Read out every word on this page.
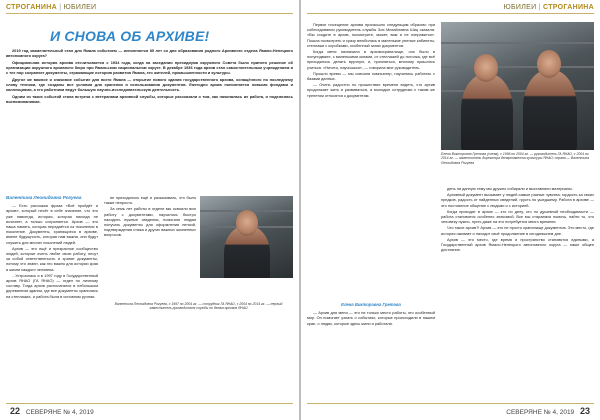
СТРОГАНИНА | ЮБИЛЕИ
И СНОВА ОБ АРХИВЕ!

2019 год знаменательный стал для Ямала событием — исполняется 85 лет со дня образования родного Архивного отдела Ямало-Ненецкого автономного округа?

Официальная история архива отсчитывается с 1934 года, когда на заседании президиума окружного Совета было принято решение об организации окружного архивного бюро при Ямальском национальном округе. В декабре 1936 года архив стал самостоятельным учреждением и с тех пор сохраняет документы, отражающие историю развития Ямала, его жителей, промышленности и культуры.

Другое же важное и значимое событие для всего Ямала — открытие нового здания государственного архива, оснащённого по последнему слову техники, где созданы все условия для хранения и использования документов. Ежегодно архив пополняется новыми фондами и коллекциями, а его работники ведут большую научно-исследовательскую деятельность.

Одним из таких событий стала встреча с ветеранами архивной службы, которые рассказали о том, как начиналась их работа, и поделились воспоминаниями.

Валентина Леонидовна Рогуева

— Есть расхожая фраза «Всё пройдёт и архив», который несёт в себе значение, что это уже навсегда, история, которая никогда не исчезнет, а только сохраняется. Архив — это наша память, которая передаётся из поколения в поколение. Документы, хранящиеся в архиве, имеют будущность, которая нам важна, они будут служить для многих поколений людей.

Архив — это ещё и прекрасное сообщество людей, которые очень любят свою работу, несут за собой ответственность и хранят документы, потому что знают, как это важно для истории края и жизни каждого человека.

...Устроилась я в 1997 году в Государственный архив ЯНАО (ГА ЯНАО) — отдел по личному составу. Тогда архив располагался в небольшом деревянном здании, где все документы хранились на стеллажах, и работа была в основном ручная.

не приходилось ещё и разыскивать, что было также непросто.

За семь лет работы в отделе мы освоили всю работу с документами, научились быстро находить нужные сведения, помогали людям получать документы для оформления пенсий, подтверждения стажа и других важных жизненных вопросов.

Валентина Леонидовна Рогуева, с 1997 по 2004 гг. — сотрудник ГА ЯНАО, с 2004 по 2014 гг. — первый заместитель руководителя службы по делам архивов ЯНАО
22 СЕВЕРЯНЕ № 4, 2019
ЮБИЛЕИ | СТРОГАНИНА

Первое посещение архива произошло следующим образом: при собеседовании руководитель службы Зоя Михайловна Шиц сказала: «Вы сходите в архив, посмотрите, может, вам и не понравится». Пошла посмотреть и сразу влюбилась в маленькие уютные кабинеты, стеллажи с коробками, особенный запах документов.

Когда меня назначили в архивохранилище, оно было в полуподвале, с маленькими окнами, от стеллажей до потолка, где всё приходилось делать вручную, и, признаться, многому пришлось учиться. «Ничего, научишься», — говорила мне руководитель.

Прошло время — мы освоили компьютер, научились работать с базами данных.

— Очень радостно по прошествии времени видеть, что архив продолжает жить и развиваться, а молодые сотрудники с таким же трепетом относятся к документам.

Елена Викторовна Гретова (слева), с 1996 по 2004 гг. — руководитель ГА ЯНАО, с 2004 по 2014 гг. — заместитель директора департамента культуры ЯНАО; справа — Валентина Леонидовна Рогуева

день на данную тему мы дружно собирали и выставляли материалы.

Архивный документ вызывает у людей самые разные чувства: гордость за своих предков, радость от найденных сведений, грусть по ушедшему. Работа в архиве — это постоянное общение с людьми и с историей.

Когда приходят в архив — кто по делу, кто по душевной необходимости — работа становится особенно значимой. Все мы стараемся помочь, найти то, что человеку нужно, пусть даже на это потребуется много времени.

Что такое архив?! Архив — это не просто хранилище документов. Это место, где история оживает и находит своё продолжение в сегодняшнем дне.

Архив — это место, где время и пространство становятся едиными, а Государственный архив Ямало-Ненецкого автономного округа — наше общее достояние.

Елена Викторовна Гретова

— Архив для меня — это не только место работы, это особенный мир. Он помогает узнать о событиях, которые происходили в нашем крае, о людях, которые здесь жили и работали.

СЕВЕРЯНЕ № 4, 2019 23
